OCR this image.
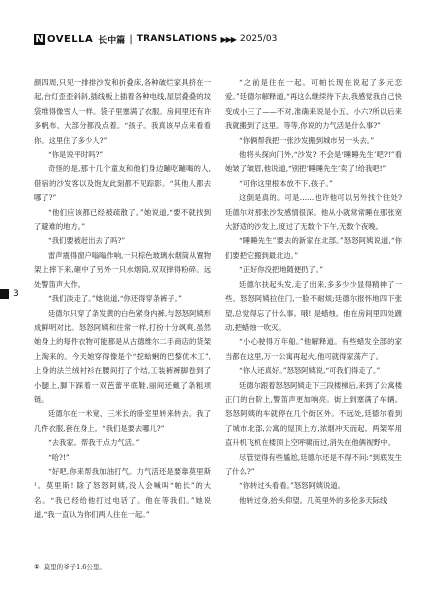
N OVELLA 长中篇 | TRANSLATIONS ▶▶▶ 2025/03

颜四周,只见一排排沙发和折叠床,各种破烂家具挤在一起,台灯歪歪斜斜,插线板上插着各种电线,屋层叠叠的坟袋堆得像雪人一样。袋子里塞满了衣服。房间里还有许多帆布、大部分都没点着。“孩子。我真该早点来看看你。这里住了多少人?”

“你是说平时吗?”

奇怪的是,那十几个童友和他们身边蹦吃蹦喝的人,借宿的沙发客以及饱友此刻都不见踪影。“其他人都去哪了?”

“他们应该都已经被疏散了。”她说道,“要不就找到了避难的地方。”

“我们要被赶出去了吗?”

雷声震得窗户嗡嗡作响,一只棕色玻璃水烟筒从置物架上摔下来,砸中了另外一只水烟筒,双双摔得粉碎。远处警笛声大作。

“我们淡走了。”她说道,“你还得穿条裤子。”

廷德尔只穿了条发黄的白色紧身内裤,与怒怒阿姨形成鲜明对比。怒怒阿姨和往常一样,打扮十分飒爽,虽然她身上的每件衣物可能都是从古德维尔二手商店的货架上淘来的。今天她穿得像是个“挖蛤蜊的巴黎优木工”,上身的法兰绒衬衫在腰间打了个结,工装裤裤脚卷到了小腿上,脚下踩着一双芭蕾平底鞋,丽间还戴了条粗项链。

廷德尔在一米宽、三米长的卧室里转来转去。我了几件衣服,套在身上。“我们是要去哪儿?”

“去我家。帮我干点力气活。”

“哈?!”

“好吧,你来帮我加油打气。力气活还是要靠莫里斯¹。莫里斯! 除了怒怒阿姨,没人会喊叫“帕长”的大名。“我已经给他打过电话了。他在等我们。”她说道,“我一直认为你们两人住在一起。”

“之前是住在一起。可帕长现在说起了多元恋爱。”廷德尔解释道,“再这么继续待下去,我感觉我自己快变成小三了——不对,准确来说是小五、小六?所以后来我就搬到了这里。等等,你说的力气活是什么事?”

“你俩帮我把一张沙发搬到城市另一头去。”

他将头探向门外,“沙发? 不会是‘睡睡先生’吧?!”看她皱了皱眉,他说道,“别把‘睡睡先生’卖了!给我吧!”

“可你这里根本放不下,孩子。”

这倒是真的。可是……也许他可以另外找个住处?廷德尔对那张沙发感情很深。他从小就常常睡在那张宽大舒适的沙发上,度过了无数个下午,无数个夜晚。

“睡睡先生”要去的新家在北部。”怒怒阿姨说道,“你们要把它搬到最北边。”

“正好你没把地随便扔了。”

廷德尔扶起头发,走了出来,多多少少显得精神了一些。怒怒阿姨拉住门,一脸不耐烦;廷德尔报怀地四下张望,总觉得忘了什么事。哦! 是蜡烛。他在房间里四处踱动,把蜡烛一吹灭。

“小心驶得万年船。”他解释道。有些蜡发全部的家当都在这里,万一公寓再起火,他可就得家荡产了。

“你人还真好。”怒怒阿姨说,“可我们得走了。”

廷德尔跟着怒怒阿姨走下三段楼梯后,来到了公寓楼正门的台阶上,警笛声更加响亮。街上到塞满了车辆。怒怒阿姨的车就停在几个街区外。不远处,廷德尔看到了城市北部,公寓的屋顶上方,浓烟冲天而起。两架军用直升机飞机在楼顶上空呼啸而过,消失在他俩视野中。

尽管觉得有些尴尬,廷德尔还是不得不问:“到底发生了什么?”

“你转过头看看。”怒怒阿姨说道。

他转过身,抬头仰望。几英里外的多伦多天际线

3
① 莫里的爷子1.6公里。
